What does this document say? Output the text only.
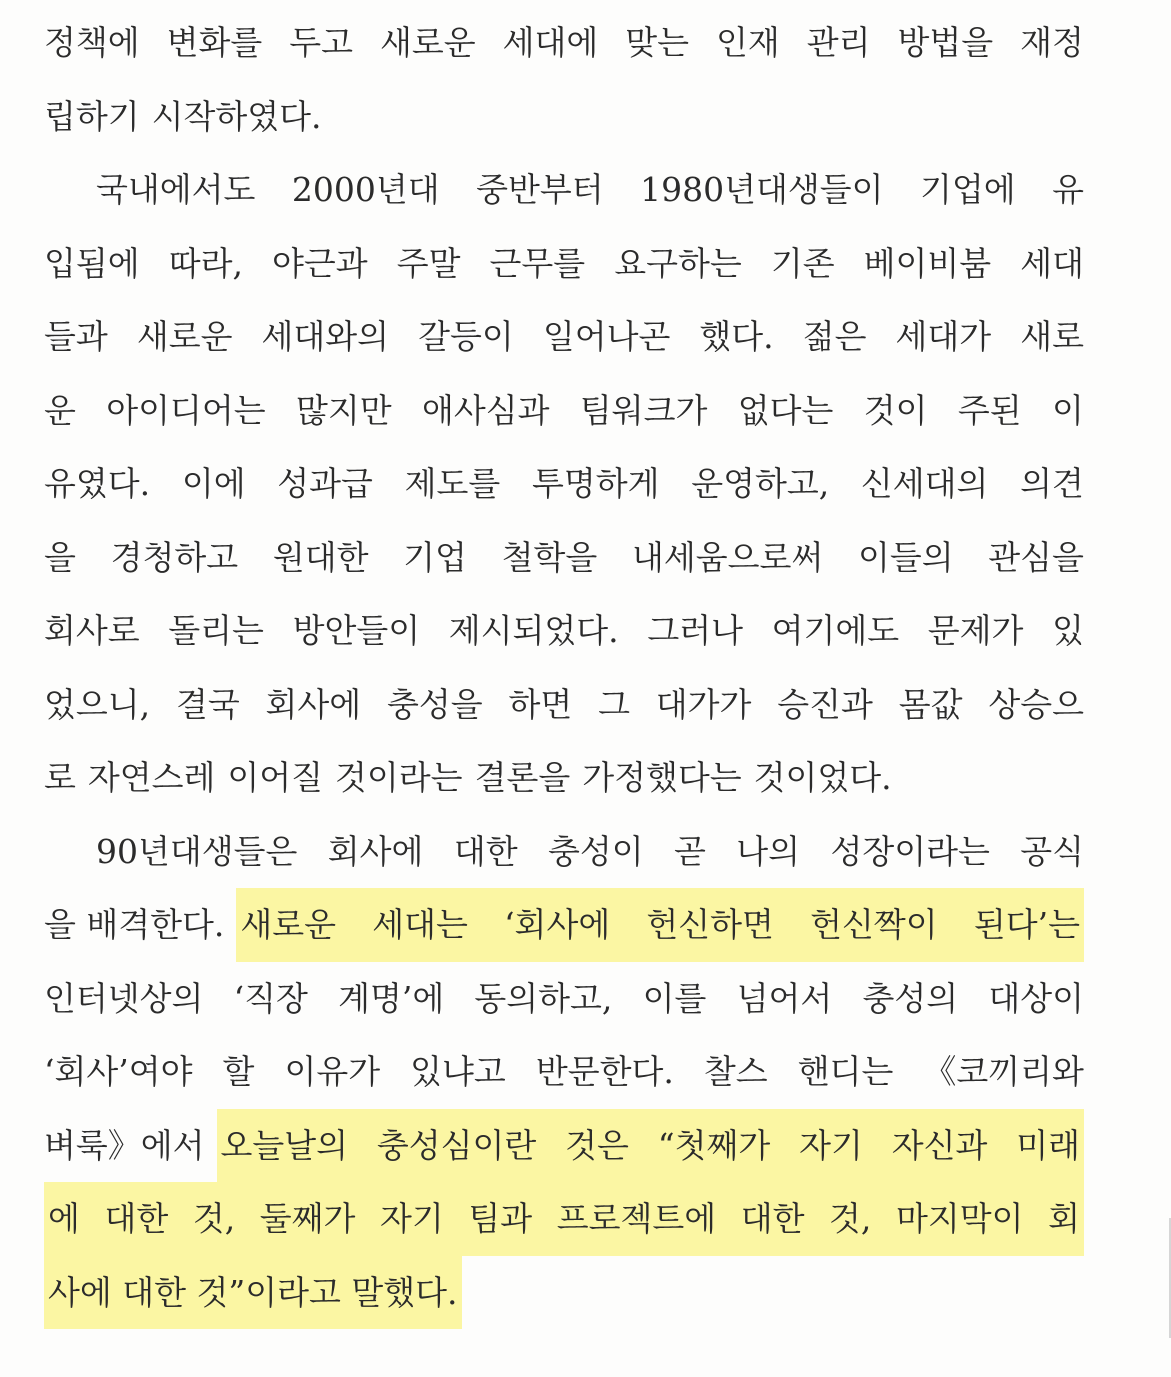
정책에 변화를 두고 새로운 세대에 맞는 인재 관리 방법을 재정
립하기 시작하였다.
국내에서도 2000년대 중반부터 1980년대생들이 기업에 유
입됨에 따라, 야근과 주말 근무를 요구하는 기존 베이비붐 세대
들과 새로운 세대와의 갈등이 일어나곤 했다. 젊은 세대가 새로
운 아이디어는 많지만 애사심과 팀워크가 없다는 것이 주된 이
유였다. 이에 성과급 제도를 투명하게 운영하고, 신세대의 의견
을 경청하고 원대한 기업 철학을 내세움으로써 이들의 관심을
회사로 돌리는 방안들이 제시되었다. 그러나 여기에도 문제가 있
었으니, 결국 회사에 충성을 하면 그 대가가 승진과 몸값 상승으
로 자연스레 이어질 것이라는 결론을 가정했다는 것이었다.
90년대생들은 회사에 대한 충성이 곧 나의 성장이라는 공식
을 배격한다. 새로운 세대는 ‘회사에 헌신하면 헌신짝이 된다’는
인터넷상의 ‘직장 계명’에 동의하고, 이를 넘어서 충성의 대상이
‘회사’여야 할 이유가 있냐고 반문한다. 찰스 핸디는 《코끼리와
벼룩》에서 오늘날의 충성심이란 것은 “첫째가 자기 자신과 미래
에 대한 것, 둘째가 자기 팀과 프로젝트에 대한 것, 마지막이 회
사에 대한 것”이라고 말했다.
